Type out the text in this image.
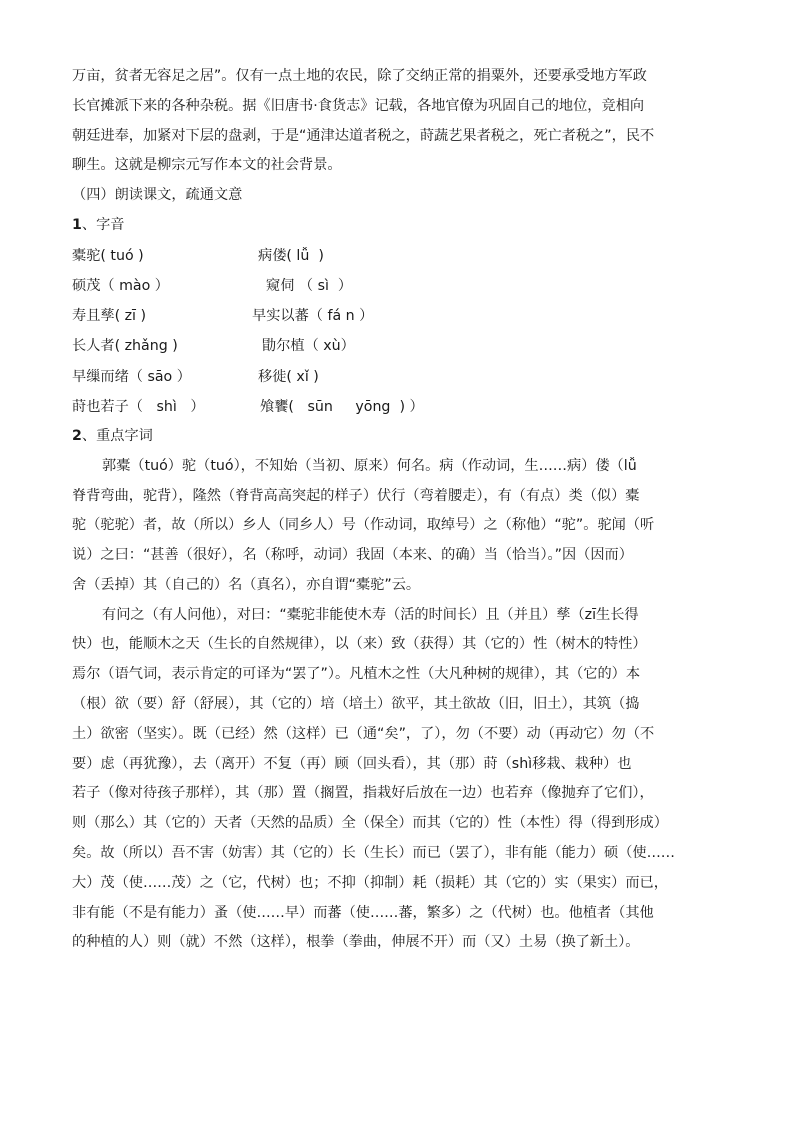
万亩，贫者无容足之居”。仅有一点土地的农民，除了交纳正常的捐粟外，还要承受地方军政

长官摊派下来的各种杂税。据《旧唐书·食货志》记载，各地官僚为巩固自己的地位，竞相向

朝廷进奉，加紧对下层的盘剥，于是“通津达道者税之，莳蔬艺果者税之，死亡者税之”，民不

聊生。这就是柳宗元写作本文的社会背景。

（四）朗读课文，疏通文意

1、字音

橐驼( tuó )	病偻( lǚ  )
硕茂（ mào ）	窥伺 （ sì  ）
寿且孳( zī )	早实以蕃（ fá n ）
长人者( zhǎng )	勖尔植（ xù）
早缫而绪（ sāo ）	移徙( xǐ )
莳也若子（   shì   ）	飧饔(   sūn     yōng  ) ）

2、重点字词

郭橐（tuó）驼（tuó），不知始（当初、原来）何名。病（作动词，生……病）偻（lǚ

脊背弯曲，驼背），隆然（脊背高高突起的样子）伏行（弯着腰走），有（有点）类（似）橐

驼（驼驼）者，故（所以）乡人（同乡人）号（作动词，取绰号）之（称他）“驼”。驼闻（听

说）之曰：“甚善（很好），名（称呼，动词）我固（本来、的确）当（恰当）。”因（因而）

舍（丢掉）其（自己的）名（真名），亦自谓“橐驼”云。

有问之（有人问他），对曰：“橐驼非能使木寿（活的时间长）且（并且）孳（zī生长得

快）也，能顺木之天（生长的自然规律），以（来）致（获得）其（它的）性（树木的特性）

焉尔（语气词，表示肯定的可译为“罢了”）。凡植木之性（大凡种树的规律），其（它的）本

（根）欲（要）舒（舒展），其（它的）培（培土）欲平，其土欲故（旧，旧土），其筑（捣

土）欲密（坚实）。既（已经）然（这样）已（通“矣”，了），勿（不要）动（再动它）勿（不

要）虑（再犹豫），去（离开）不复（再）顾（回头看），其（那）莳（shì移栽、栽种）也

若子（像对待孩子那样），其（那）置（搁置，指栽好后放在一边）也若弃（像抛弃了它们），

则（那么）其（它的）天者（天然的品质）全（保全）而其（它的）性（本性）得（得到形成）

矣。故（所以）吾不害（妨害）其（它的）长（生长）而已（罢了），非有能（能力）硕（使……

大）茂（使……茂）之（它，代树）也；不抑（抑制）耗（损耗）其（它的）实（果实）而已，

非有能（不是有能力）蚤（使……早）而蕃（使……蕃，繁多）之（代树）也。他植者（其他

的种植的人）则（就）不然（这样），根拳（拳曲，伸展不开）而（又）土易（换了新土）。
